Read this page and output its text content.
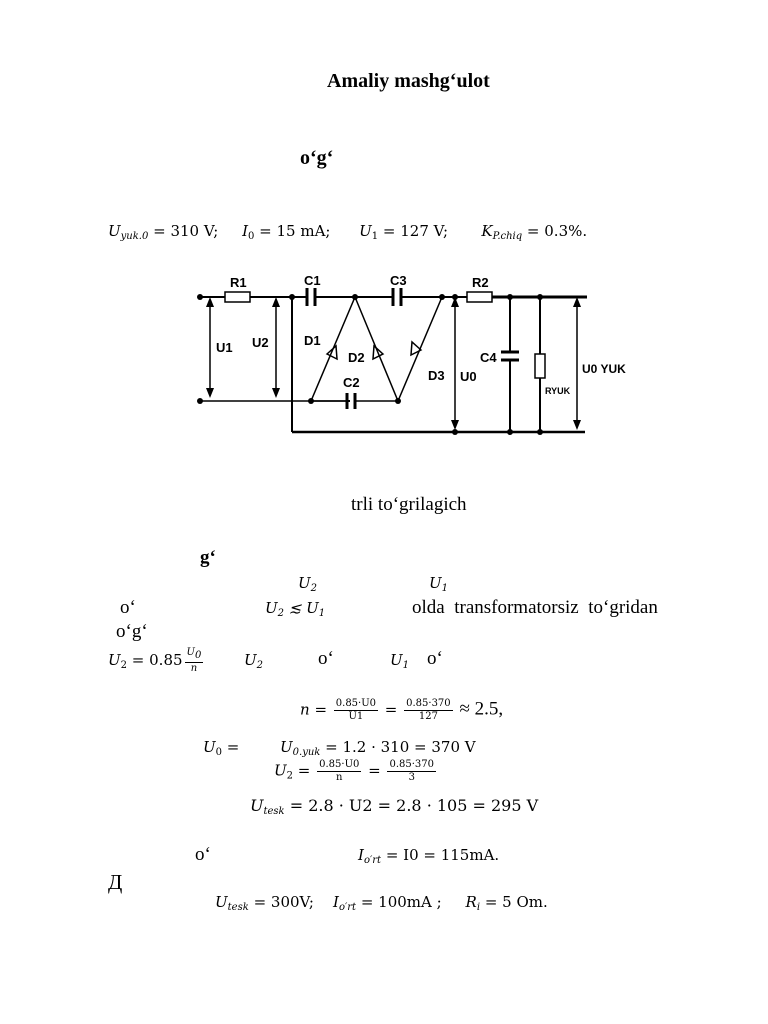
Amaliy mashg‘ulot
o‘g‘
$U_{yuk.0} = 310$ V; $I_0 = 15$ mA; $U_1 = 127$ V; $K_{P.chiq} = 0.3\%$.
R1	C1	C3	R2
U1 U2	D1
D2
D3
C2	U0
C4
RYUK
U0 YUK
trli to‘grilagich
g‘
$U_2$	$U_1$
o‘	$U_2$ ≲ $U_1$	olda  transformatorsiz  to‘gridan
o‘g‘
$U_2 = 0.85 \frac{U_0}{n}$	$U_2$	o‘	$U_1$ o‘
$n = \frac{0.85\cdot U0}{U1} = \frac{0.85\cdot 370}{127} \approx 2.5$,
$U_0$ =	$U_{0.yuk} = 1.2 \cdot 310 = 370$ V
$U_2 = \frac{0.85\cdot U0}{n} = \frac{0.85\cdot 370}{3}$
$U_{tesk} = 2.8 \cdot U2 = 2.8 \cdot 105 = 295$ V
o‘	$I_{o'rt} = I0 = 115mA$.
Д
$U_{tesk} = 300V$; $I_{o'rt} = 100mA$ ; $R_i = 5$ Om.
